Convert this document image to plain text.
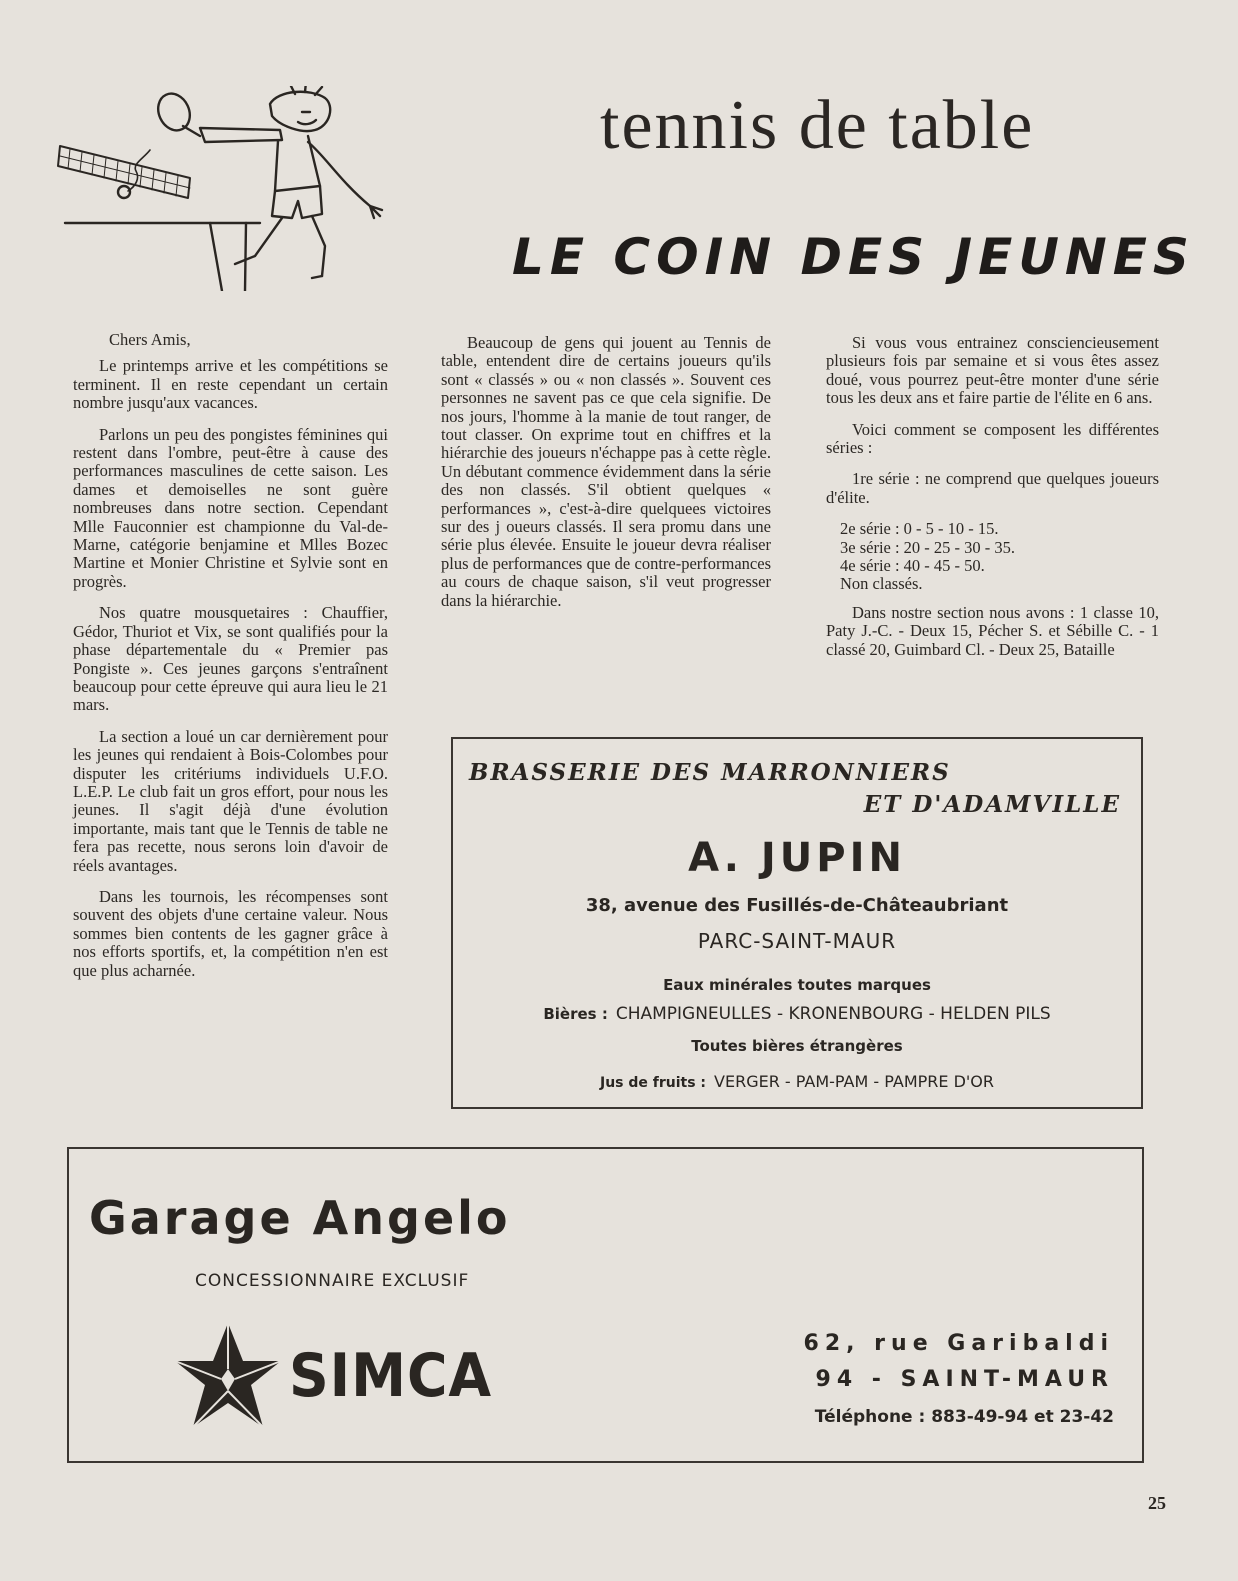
tennis de table
LE COIN DES JEUNES

Chers Amis,

Le printemps arrive et les compétitions se terminent. Il en reste cependant un certain nombre jusqu'aux vacances.

Parlons un peu des pongistes féminines qui restent dans l'ombre, peut-être à cause des performances masculines de cette saison. Les dames et demoiselles ne sont guère nombreuses dans notre section. Cependant Mlle Fauconnier est championne du Val-de-Marne, catégorie benjamine et Mlles Bozec Martine et Monier Christine et Sylvie sont en progrès.

Nos quatre mousquetaires : Chauffier, Gédor, Thuriot et Vix, se sont qualifiés pour la phase départementale du « Premier pas Pongiste ». Ces jeunes garçons s'entraînent beaucoup pour cette épreuve qui aura lieu le 21 mars.

La section a loué un car dernièrement pour les jeunes qui rendaient à Bois-Colombes pour disputer les critériums individuels U.F.O. L.E.P. Le club fait un gros effort, pour nous les jeunes. Il s'agit déjà d'une évolution importante, mais tant que le Tennis de table ne fera pas recette, nous serons loin d'avoir de réels avantages.

Dans les tournois, les récompenses sont souvent des objets d'une certaine valeur. Nous sommes bien contents de les gagner grâce à nos efforts sportifs, et, la compétition n'en est que plus acharnée.

Beaucoup de gens qui jouent au Tennis de table, entendent dire de certains joueurs qu'ils sont « classés » ou « non classés ». Souvent ces personnes ne savent pas ce que cela signifie. De nos jours, l'homme à la manie de tout ranger, de tout classer. On exprime tout en chiffres et la hiérarchie des joueurs n'échappe pas à cette règle. Un débutant commence évidemment dans la série des non classés. S'il obtient quelques « performances », c'est-à-dire quelquees victoires sur des j oueurs classés. Il sera promu dans une série plus élevée. Ensuite le joueur devra réaliser plus de performances que de contre-performances au cours de chaque saison, s'il veut progresser dans la hiérarchie.

Si vous vous entrainez consciencieusement plusieurs fois par semaine et si vous êtes assez doué, vous pourrez peut-être monter d'une série tous les deux ans et faire partie de l'élite en 6 ans.

Voici comment se composent les différentes séries :

1re série : ne comprend que quelques joueurs d'élite.

2e série : 0 - 5 - 10 - 15.
3e série : 20 - 25 - 30 - 35.
4e série : 40 - 45 - 50.
Non classés.

Dans nostre section nous avons : 1 classe 10, Paty J.-C. - Deux 15, Pécher S. et Sébille C. - 1 classé 20, Guimbard Cl. - Deux 25, Bataille

BRASSERIE DES MARRONNIERS
ET D'ADAMVILLE
A. JUPIN
38, avenue des Fusillés-de-Châteaubriant
PARC-SAINT-MAUR
Eaux minérales toutes marques
Bières : CHAMPIGNEULLES - KRONENBOURG - HELDEN PILS
Toutes bières étrangères
Jus de fruits : VERGER - PAM-PAM - PAMPRE D'OR
Garage Angelo
CONCESSIONNAIRE EXCLUSIF
SIMCA	62, rue Garibaldi
94 - SAINT-MAUR
Téléphone : 883-49-94 et 23-42
25
